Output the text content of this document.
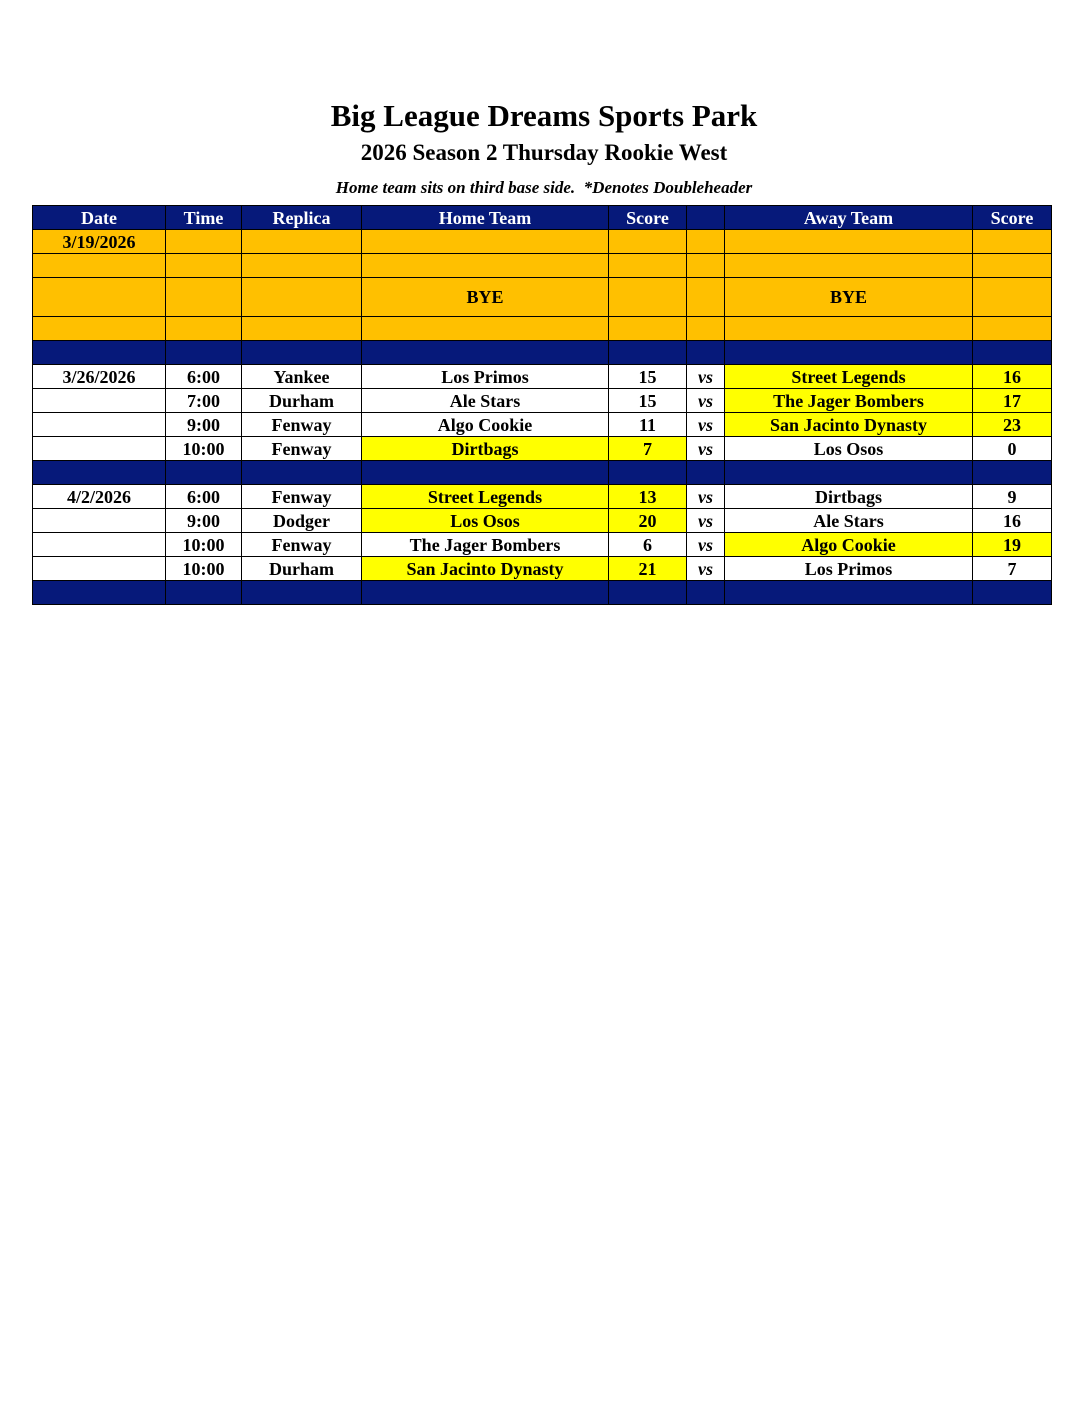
Big League Dreams Sports Park
2026 Season 2 Thursday Rookie West

Home team sits on third base side.  *Denotes Doubleheader

Date	Time	Replica	Home Team	Score		Away Team	Score
3/19/2026							

			BYE			BYE	

3/26/2026	6:00	Yankee	Los Primos	15	vs	Street Legends	16
	7:00	Durham	Ale Stars	15	vs	The Jager Bombers	17
	9:00	Fenway	Algo Cookie	11	vs	San Jacinto Dynasty	23
	10:00	Fenway	Dirtbags	7	vs	Los Osos	0

4/2/2026	6:00	Fenway	Street Legends	13	vs	Dirtbags	9
	9:00	Dodger	Los Osos	20	vs	Ale Stars	16
	10:00	Fenway	The Jager Bombers	6	vs	Algo Cookie	19
	10:00	Durham	San Jacinto Dynasty	21	vs	Los Primos	7
